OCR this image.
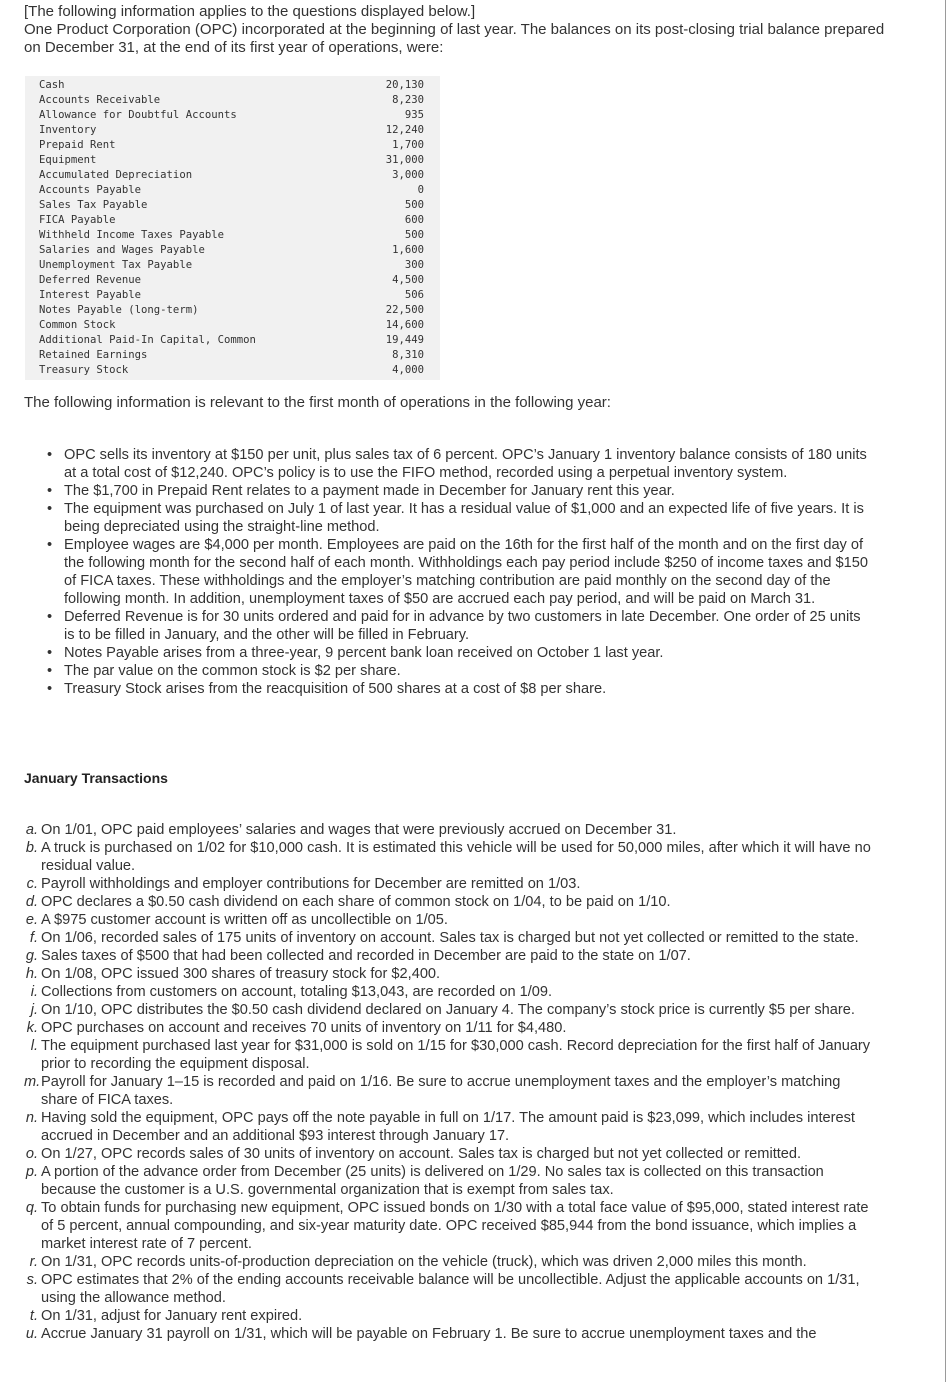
[The following information applies to the questions displayed below.]

One Product Corporation (OPC) incorporated at the beginning of last year. The balances on its post-closing trial balance prepared on December 31, at the end of its first year of operations, were:

Cash	20,130
Accounts Receivable	8,230
Allowance for Doubtful Accounts	935
Inventory	12,240
Prepaid Rent	1,700
Equipment	31,000
Accumulated Depreciation	3,000
Accounts Payable	0
Sales Tax Payable	500
FICA Payable	600
Withheld Income Taxes Payable	500
Salaries and Wages Payable	1,600
Unemployment Tax Payable	300
Deferred Revenue	4,500
Interest Payable	506
Notes Payable (long-term)	22,500
Common Stock	14,600
Additional Paid-In Capital, Common	19,449
Retained Earnings	8,310
Treasury Stock	4,000

The following information is relevant to the first month of operations in the following year:

• OPC sells its inventory at $150 per unit, plus sales tax of 6 percent. OPC’s January 1 inventory balance consists of 180 units at a total cost of $12,240. OPC’s policy is to use the FIFO method, recorded using a perpetual inventory system.
• The $1,700 in Prepaid Rent relates to a payment made in December for January rent this year.
• The equipment was purchased on July 1 of last year. It has a residual value of $1,000 and an expected life of five years. It is being depreciated using the straight-line method.
• Employee wages are $4,000 per month. Employees are paid on the 16th for the first half of the month and on the first day of the following month for the second half of each month. Withholdings each pay period include $250 of income taxes and $150 of FICA taxes. These withholdings and the employer’s matching contribution are paid monthly on the second day of the following month. In addition, unemployment taxes of $50 are accrued each pay period, and will be paid on March 31.
• Deferred Revenue is for 30 units ordered and paid for in advance by two customers in late December. One order of 25 units is to be filled in January, and the other will be filled in February.
• Notes Payable arises from a three-year, 9 percent bank loan received on October 1 last year.
• The par value on the common stock is $2 per share.
• Treasury Stock arises from the reacquisition of 500 shares at a cost of $8 per share.

January Transactions

a. On 1/01, OPC paid employees’ salaries and wages that were previously accrued on December 31.
b. A truck is purchased on 1/02 for $10,000 cash. It is estimated this vehicle will be used for 50,000 miles, after which it will have no residual value.
c. Payroll withholdings and employer contributions for December are remitted on 1/03.
d. OPC declares a $0.50 cash dividend on each share of common stock on 1/04, to be paid on 1/10.
e. A $975 customer account is written off as uncollectible on 1/05.
f. On 1/06, recorded sales of 175 units of inventory on account. Sales tax is charged but not yet collected or remitted to the state.
g. Sales taxes of $500 that had been collected and recorded in December are paid to the state on 1/07.
h. On 1/08, OPC issued 300 shares of treasury stock for $2,400.
i. Collections from customers on account, totaling $13,043, are recorded on 1/09.
j. On 1/10, OPC distributes the $0.50 cash dividend declared on January 4. The company’s stock price is currently $5 per share.
k. OPC purchases on account and receives 70 units of inventory on 1/11 for $4,480.
l. The equipment purchased last year for $31,000 is sold on 1/15 for $30,000 cash. Record depreciation for the first half of January prior to recording the equipment disposal.
m. Payroll for January 1–15 is recorded and paid on 1/16. Be sure to accrue unemployment taxes and the employer’s matching share of FICA taxes.
n. Having sold the equipment, OPC pays off the note payable in full on 1/17. The amount paid is $23,099, which includes interest accrued in December and an additional $93 interest through January 17.
o. On 1/27, OPC records sales of 30 units of inventory on account. Sales tax is charged but not yet collected or remitted.
p. A portion of the advance order from December (25 units) is delivered on 1/29. No sales tax is collected on this transaction because the customer is a U.S. governmental organization that is exempt from sales tax.
q. To obtain funds for purchasing new equipment, OPC issued bonds on 1/30 with a total face value of $95,000, stated interest rate of 5 percent, annual compounding, and six-year maturity date. OPC received $85,944 from the bond issuance, which implies a market interest rate of 7 percent.
r. On 1/31, OPC records units-of-production depreciation on the vehicle (truck), which was driven 2,000 miles this month.
s. OPC estimates that 2% of the ending accounts receivable balance will be uncollectible. Adjust the applicable accounts on 1/31, using the allowance method.
t. On 1/31, adjust for January rent expired.
u. Accrue January 31 payroll on 1/31, which will be payable on February 1. Be sure to accrue unemployment taxes and the
